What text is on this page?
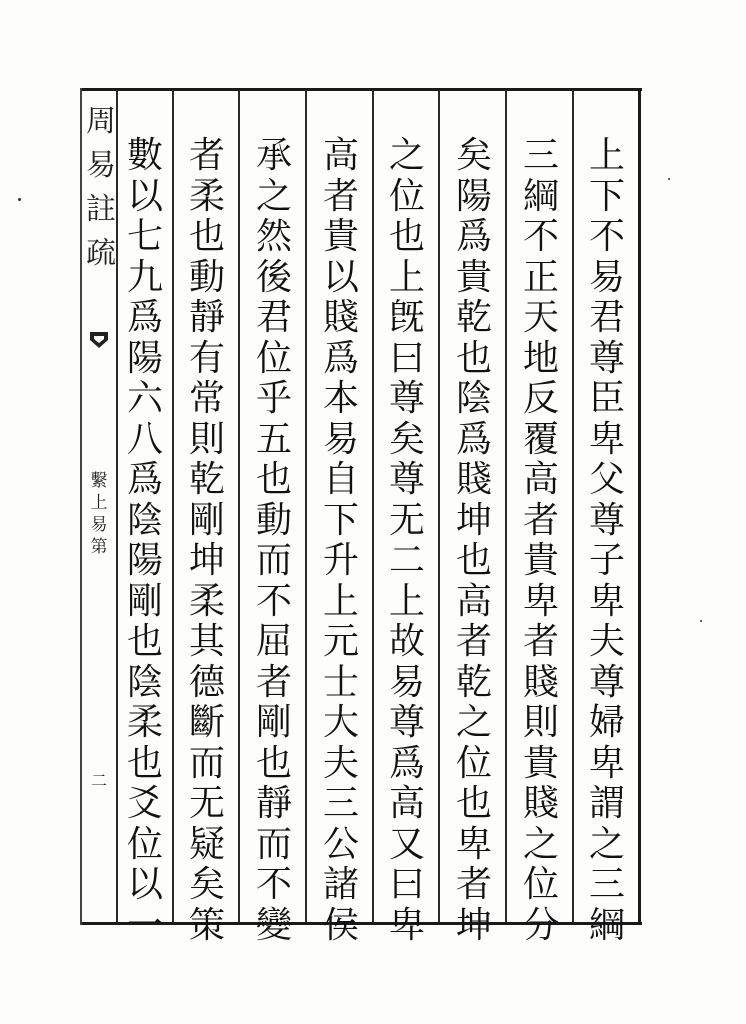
周
易
註
疏
繫
上
易
第
二
上
下
不
易
君
尊
臣
卑
父
尊
子
卑
夫
尊
婦
卑
謂
之
三
綱
三
綱
不
正
天
地
反
覆
高
者
貴
卑
者
賤
則
貴
賤
之
位
分
矣
陽
爲
貴
乾
也
陰
爲
賤
坤
也
高
者
乾
之
位
也
卑
者
坤
之
位
也
上
旣
曰
尊
矣
尊
无
二
上
故
易
尊
爲
高
又
曰
卑
高
者
貴
以
賤
爲
本
易
自
下
升
上
元
士
大
夫
三
公
諸
侯
承
之
然
後
君
位
乎
五
也
動
而
不
屈
者
剛
也
靜
而
不
變
者
柔
也
動
靜
有
常
則
乾
剛
坤
柔
其
德
斷
而
无
疑
矣
策
數
以
七
九
爲
陽
六
八
爲
陰
陽
剛
也
陰
柔
也
爻
位
以
一
